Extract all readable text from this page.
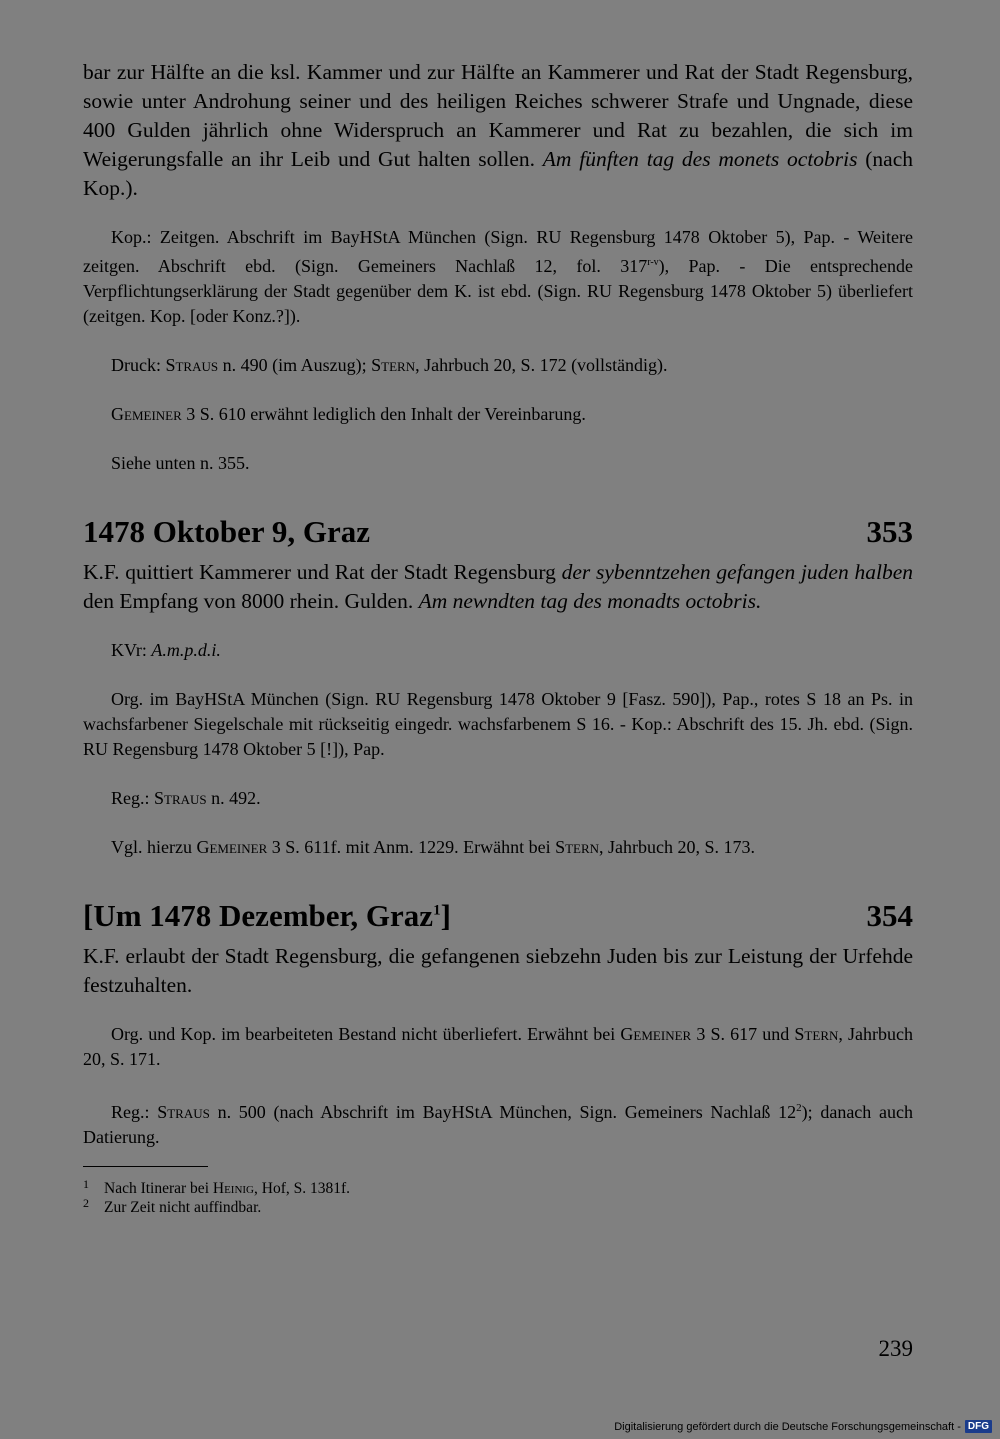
bar zur Hälfte an die ksl. Kammer und zur Hälfte an Kammerer und Rat der Stadt Regensburg, sowie unter Androhung seiner und des heiligen Reiches schwerer Strafe und Ungnade, diese 400 Gulden jährlich ohne Widerspruch an Kammerer und Rat zu bezahlen, die sich im Weigerungsfalle an ihr Leib und Gut halten sollen. Am fünften tag des monets octobris (nach Kop.).

Kop.: Zeitgen. Abschrift im BayHStA München (Sign. RU Regensburg 1478 Oktober 5), Pap. - Weitere zeitgen. Abschrift ebd. (Sign. Gemeiners Nachlaß 12, fol. 317$^{r-v}$), Pap. - Die entsprechende Verpflichtungserklärung der Stadt gegenüber dem K. ist ebd. (Sign. RU Regensburg 1478 Oktober 5) überliefert (zeitgen. Kop. [oder Konz.?]).

Druck: Straus n. 490 (im Auszug); Stern, Jahrbuch 20, S. 172 (vollständig).

Gemeiner 3 S. 610 erwähnt lediglich den Inhalt der Vereinbarung.

Siehe unten n. 355.

1478 Oktober 9, Graz	353

K.F. quittiert Kammerer und Rat der Stadt Regensburg der sybenntzehen gefangen juden halben den Empfang von 8000 rhein. Gulden. Am newndten tag des monadts octobris.

KVr: A.m.p.d.i.

Org. im BayHStA München (Sign. RU Regensburg 1478 Oktober 9 [Fasz. 590]), Pap., rotes S 18 an Ps. in wachsfarbener Siegelschale mit rückseitig eingedr. wachsfarbenem S 16. - Kop.: Abschrift des 15. Jh. ebd. (Sign. RU Regensburg 1478 Oktober 5 [!]), Pap.

Reg.: Straus n. 492.

Vgl. hierzu Gemeiner 3 S. 611f. mit Anm. 1229. Erwähnt bei Stern, Jahrbuch 20, S. 173.

[Um 1478 Dezember, Graz$^1$]	354

K.F. erlaubt der Stadt Regensburg, die gefangenen siebzehn Juden bis zur Leistung der Urfehde festzuhalten.

Org. und Kop. im bearbeiteten Bestand nicht überliefert. Erwähnt bei Gemeiner 3 S. 617 und Stern, Jahrbuch 20, S. 171.

Reg.: Straus n. 500 (nach Abschrift im BayHStA München, Sign. Gemeiners Nachlaß $12^2$); danach auch Datierung.

1 Nach Itinerar bei Heinig, Hof, S. 1381f.
2 Zur Zeit nicht auffindbar.
239
Digitalisierung gefördert durch die Deutsche Forschungsgemeinschaft - DFG
